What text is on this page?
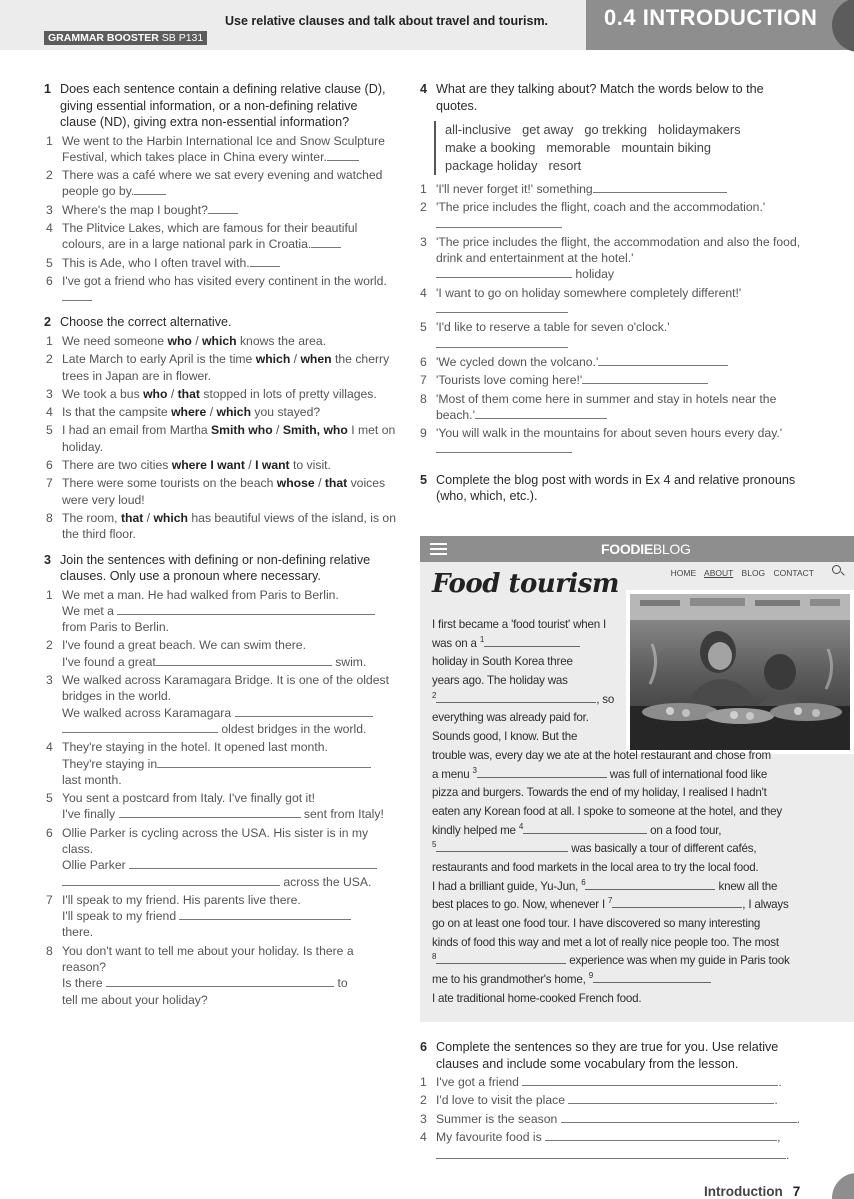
Use relative clauses and talk about travel and tourism.
GRAMMAR BOOSTER SB P131
0.4 INTRODUCTION
1 Does each sentence contain a defining relative clause (D), giving essential information, or a non-defining relative clause (ND), giving extra non-essential information?
1 We went to the Harbin International Ice and Snow Sculpture Festival, which takes place in China every winter.
2 There was a café where we sat every evening and watched people go by.
3 Where's the map I bought?
4 The Plitvice Lakes, which are famous for their beautiful colours, are in a large national park in Croatia.
5 This is Ade, who I often travel with.
6 I've got a friend who has visited every continent in the world.
2 Choose the correct alternative.
1 We need someone who / which knows the area.
2 Late March to early April is the time which / when the cherry trees in Japan are in flower.
3 We took a bus who / that stopped in lots of pretty villages.
4 Is that the campsite where / which you stayed?
5 I had an email from Martha Smith who / Smith, who I met on holiday.
6 There are two cities where I want / I want to visit.
7 There were some tourists on the beach whose / that voices were very loud!
8 The room, that / which has beautiful views of the island, is on the third floor.
3 Join the sentences with defining or non-defining relative clauses. Only use a pronoun where necessary.
1 We met a man. He had walked from Paris to Berlin.
We met a
from Paris to Berlin.
2 I've found a great beach. We can swim there.
I've found a great	swim.
3 We walked across Karamagara Bridge. It is one of the oldest bridges in the world.
We walked across Karamagara
oldest bridges in the world.
4 They're staying in the hotel. It opened last month.
They're staying in
last month.
5 You sent a postcard from Italy. I've finally got it!
I've finally	sent from Italy!
6 Ollie Parker is cycling across the USA. His sister is in my class.
Ollie Parker
across the USA.
7 I'll speak to my friend. His parents live there.
I'll speak to my friend
there.
8 You don't want to tell me about your holiday. Is there a reason?
Is there	to
tell me about your holiday?
4 What are they talking about? Match the words below to the quotes.
all-inclusive get away go trekking holidaymakers
make a booking memorable mountain biking
package holiday resort
1 'I'll never forget it!' something
2 'The price includes the flight, coach and the accommodation.'
3 'The price includes the flight, the accommodation and also the food, drink and entertainment at the hotel.'
holiday
4 'I want to go on holiday somewhere completely different!'

5 'I'd like to reserve a table for seven o'clock.'

6 'We cycled down the volcano.'
7 'Tourists love coming here!'
8 'Most of them come here in summer and stay in hotels near the beach.'
9 'You will walk in the mountains for about seven hours every day.'
5 Complete the blog post with words in Ex 4 and relative pronouns (who, which, etc.).
FOODIEBLOG
HOME ABOUT BLOG CONTACT
Food tourism
I first became a 'food tourist' when I
was on a $^1$
holiday in South Korea three
years ago. The holiday was
$^2$	, so
everything was already paid for.
Sounds good, I know. But the
trouble was, every day we ate at the hotel restaurant and chose from
a menu $^3$	was full of international food like
pizza and burgers. Towards the end of my holiday, I realised I hadn't
eaten any Korean food at all. I spoke to someone at the hotel, and they
kindly helped me $^4$	on a food tour,
$^5$	was basically a tour of different cafés,
restaurants and food markets in the local area to try the local food.
I had a brilliant guide, Yu-Jun, $^6$	knew all the
best places to go. Now, whenever I $^7$	, I always
go on at least one food tour. I have discovered so many interesting
kinds of food this way and met a lot of really nice people too. The most
$^8$	experience was when my guide in Paris took
me to his grandmother's home, $^9$
I ate traditional home-cooked French food.
6 Complete the sentences so they are true for you. Use relative clauses and include some vocabulary from the lesson.
1 I've got a friend	.
2 I'd love to visit the place	.
3 Summer is the season	.
4 My favourite food is	,
.
Introduction 7
